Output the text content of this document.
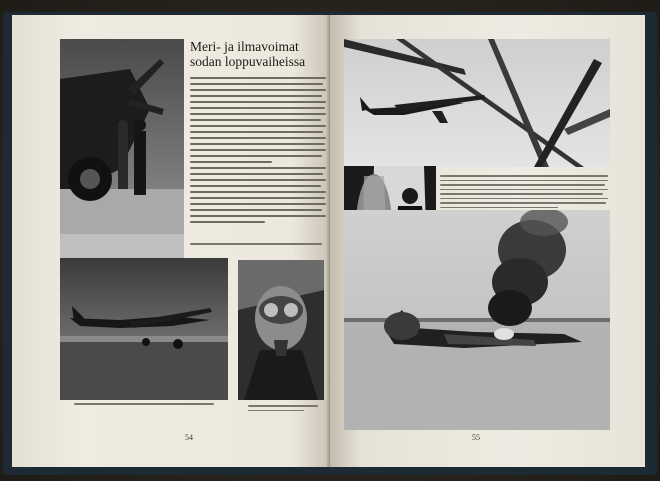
Meri- ja ilmavoimat sodan loppuvaiheissa
54	55
